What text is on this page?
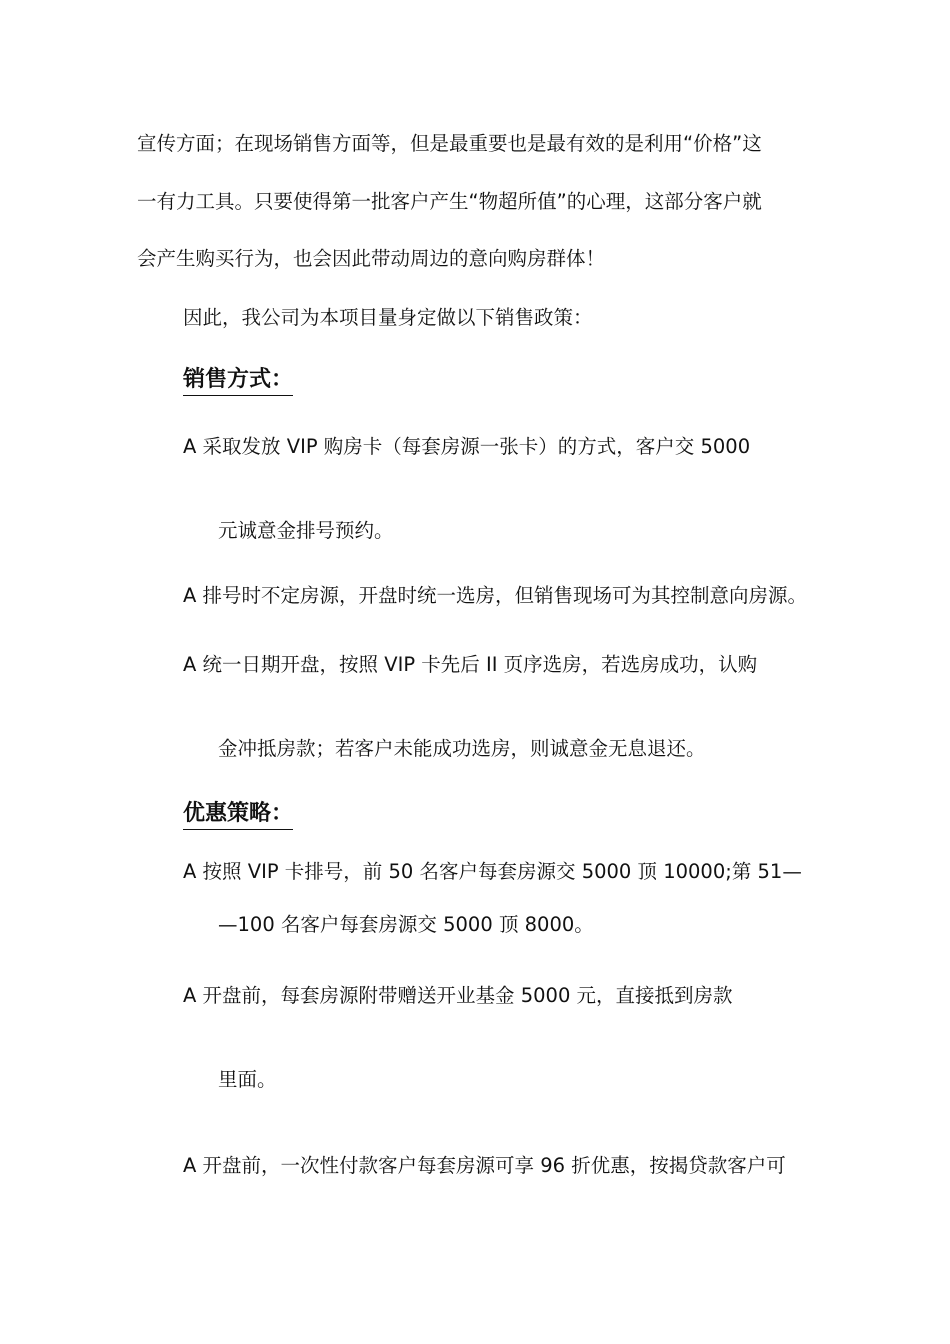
宣传方面；在现场销售方面等，但是最重要也是最有效的是利用“价格”这
一有力工具。只要使得第一批客户产生“物超所值”的心理，这部分客户就
会产生购买行为，也会因此带动周边的意向购房群体！
因此，我公司为本项目量身定做以下销售政策：
销售方式：
A 采取发放 VIP 购房卡（每套房源一张卡）的方式，客户交 5000
元诚意金排号预约。
A 排号时不定房源，开盘时统一选房，但销售现场可为其控制意向房源。
A 统一日期开盘，按照 VIP 卡先后 II 页序选房，若选房成功，认购
金冲抵房款；若客户未能成功选房，则诚意金无息退还。
优惠策略：
A 按照 VIP 卡排号，前 50 名客户每套房源交 5000 顶 10000;第 51—
—100 名客户每套房源交 5000 顶 8000。
A 开盘前，每套房源附带赠送开业基金 5000 元，直接抵到房款
里面。
A 开盘前，一次性付款客户每套房源可享 96 折优惠，按揭贷款客户可
